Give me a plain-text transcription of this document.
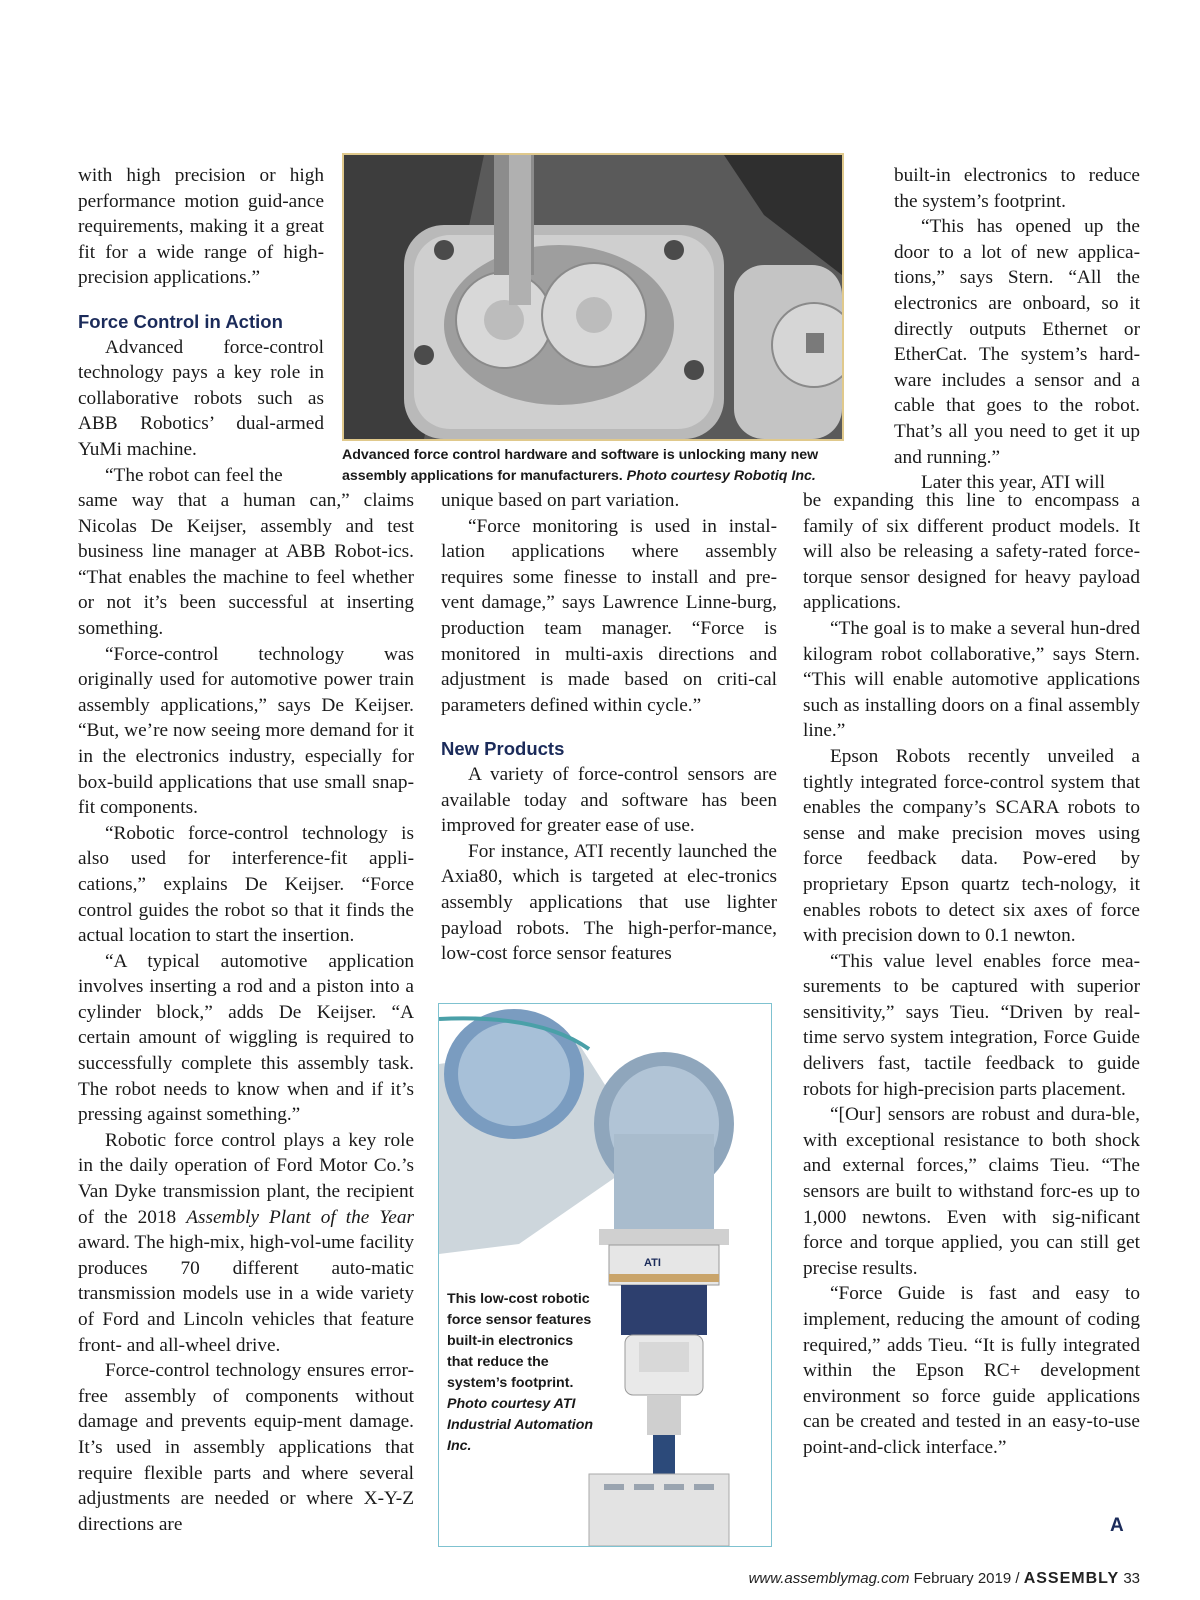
with high precision or high performance motion guid-ance requirements, making it a great fit for a wide range of high-precision applications.”

Force Control in Action

Advanced force-control technology pays a key role in collaborative robots such as ABB Robotics’ dual-armed YuMi machine.

“The robot can feel the

same way that a human can,” claims Nicolas De Keijser, assembly and test business line manager at ABB Robot-ics. “That enables the machine to feel whether or not it’s been successful at inserting something.

“Force-control technology was originally used for automotive power train assembly applications,” says De Keijser. “But, we’re now seeing more demand for it in the electronics industry, especially for box-build applications that use small snap-fit components.

“Robotic force-control technology is also used for interference-fit appli-cations,” explains De Keijser. “Force control guides the robot so that it finds the actual location to start the insertion.

“A typical automotive application involves inserting a rod and a piston into a cylinder block,” adds De Keijser. “A certain amount of wiggling is required to successfully complete this assembly task. The robot needs to know when and if it’s pressing against something.”

Robotic force control plays a key role in the daily operation of Ford Motor Co.’s Van Dyke transmission plant, the recipient of the 2018 Assembly Plant of the Year award. The high-mix, high-vol-ume facility produces 70 different auto-matic transmission models use in a wide variety of Ford and Lincoln vehicles that feature front- and all-wheel drive.

Force-control technology ensures error-free assembly of components without damage and prevents equip-ment damage. It’s used in assembly applications that require flexible parts and where several adjustments are needed or where X-Y-Z directions are

unique based on part variation.

“Force monitoring is used in instal-lation applications where assembly requires some finesse to install and pre-vent damage,” says Lawrence Linne-burg, production team manager. “Force is monitored in multi-axis directions and adjustment is made based on criti-cal parameters defined within cycle.”

New Products

A variety of force-control sensors are available today and software has been improved for greater ease of use.

For instance, ATI recently launched the Axia80, which is targeted at elec-tronics assembly applications that use lighter payload robots. The high-perfor-mance, low-cost force sensor features

built-in electronics to reduce the system’s footprint.

“This has opened up the door to a lot of new applica-tions,” says Stern. “All the electronics are onboard, so it directly outputs Ethernet or EtherCat. The system’s hard-ware includes a sensor and a cable that goes to the robot. That’s all you need to get it up and running.”

Later this year, ATI will

be expanding this line to encompass a family of six different product models. It will also be releasing a safety-rated force-torque sensor designed for heavy payload applications.

“The goal is to make a several hun-dred kilogram robot collaborative,” says Stern. “This will enable automotive applications such as installing doors on a final assembly line.”

Epson Robots recently unveiled a tightly integrated force-control system that enables the company’s SCARA robots to sense and make precision moves using force feedback data. Pow-ered by proprietary Epson quartz tech-nology, it enables robots to detect six axes of force with precision down to 0.1 newton.

“This value level enables force mea-surements to be captured with superior sensitivity,” says Tieu. “Driven by real-time servo system integration, Force Guide delivers fast, tactile feedback to guide robots for high-precision parts placement.

“[Our] sensors are robust and dura-ble, with exceptional resistance to both shock and external forces,” claims Tieu. “The sensors are built to withstand forc-es up to 1,000 newtons. Even with sig-nificant force and torque applied, you can still get precise results.

“Force Guide is fast and easy to implement, reducing the amount of coding required,” adds Tieu. “It is fully integrated within the Epson RC+ development environment so force guide applications can be created and tested in an easy-to-use point-and-click interface.”

A
Advanced force control hardware and software is unlocking many new assembly applications for manufacturers. Photo courtesy Robotiq Inc.
ATI
This low-cost robotic force sensor features built-in electronics that reduce the system’s footprint. Photo courtesy ATI Industrial Automation Inc.
www.assemblymag.com February 2019 / ASSEMBLY 33
